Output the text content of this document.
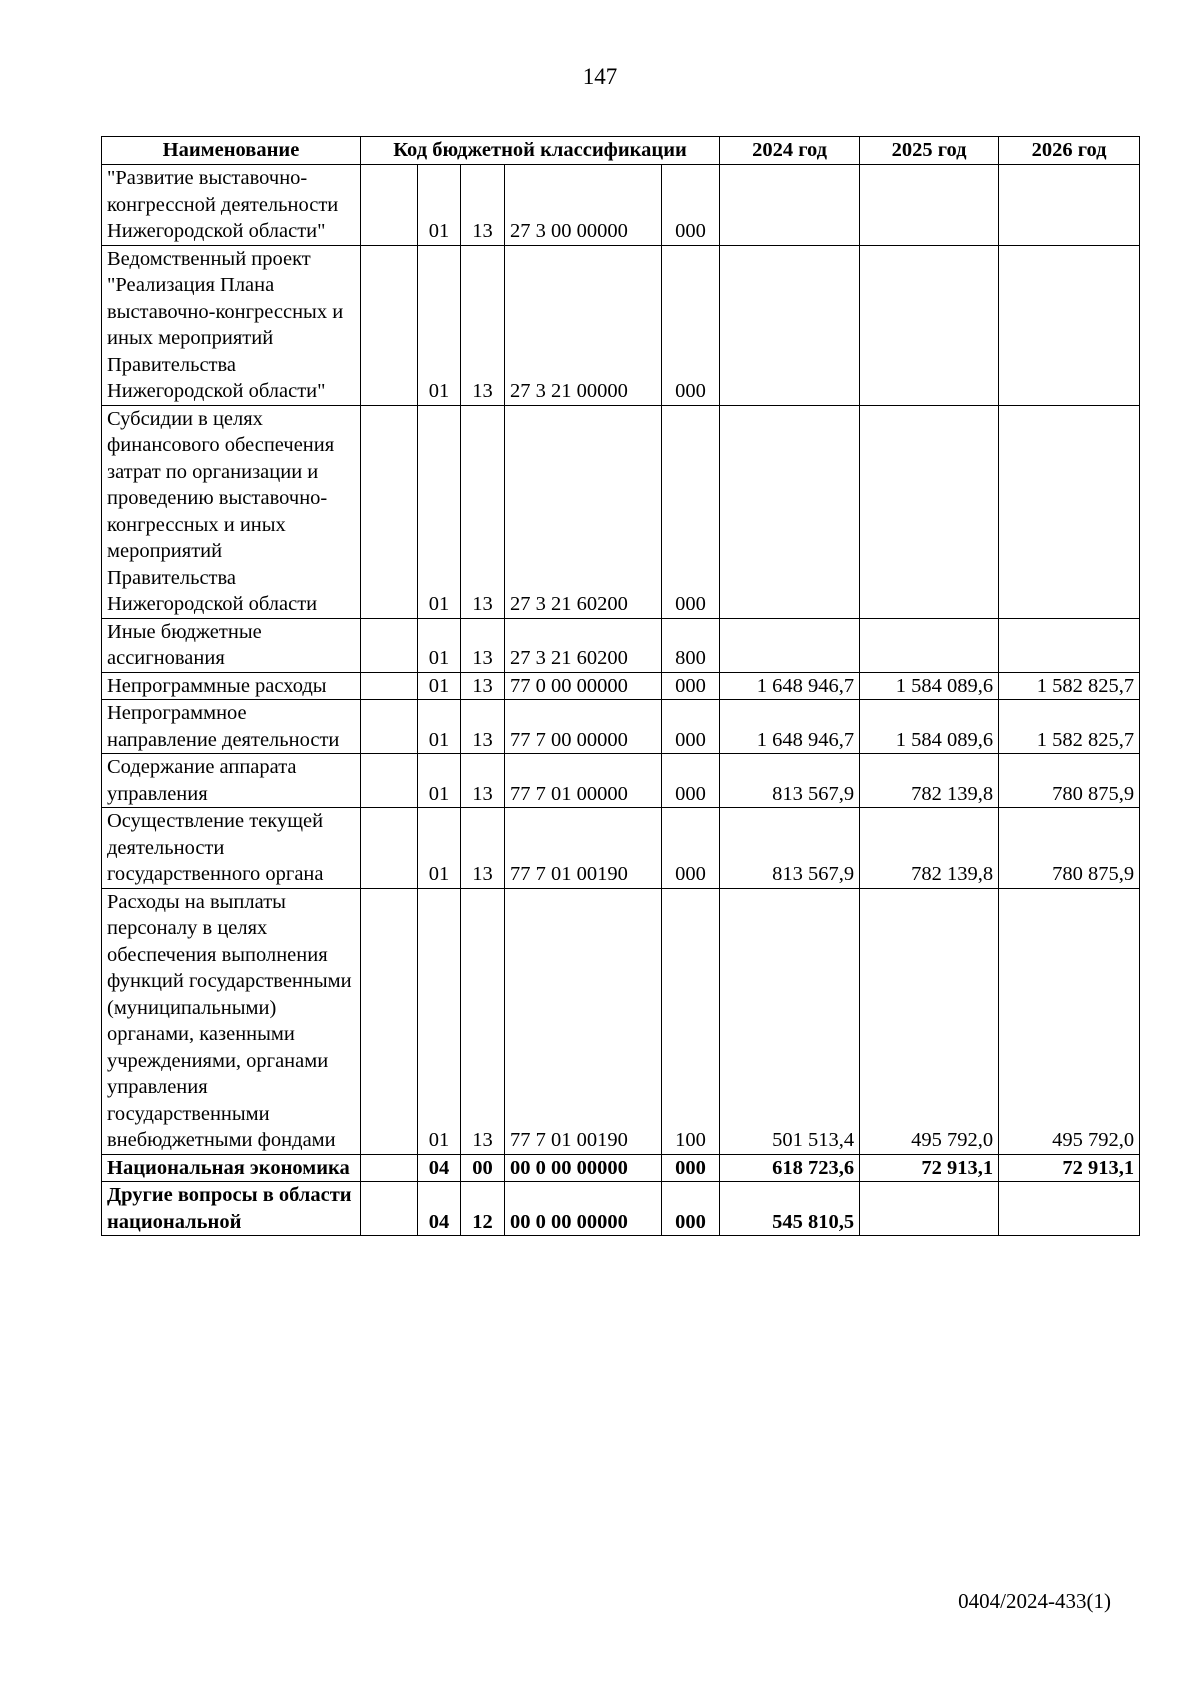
147
Наименование	Код бюджетной классификации					2024 год	2025 год	2026 год
"Развитие выставочно-конгрессной деятельности Нижегородской области"		01	13	27 3 00 00000	000			
Ведомственный проект "Реализация Плана выставочно-конгрессных и иных мероприятий Правительства Нижегородской области"		01	13	27 3 21 00000	000			
Субсидии в целях финансового обеспечения затрат по организации и проведению выставочно-конгрессных и иных мероприятий Правительства Нижегородской области		01	13	27 3 21 60200	000			
Иные бюджетные ассигнования		01	13	27 3 21 60200	800			
Непрограммные расходы		01	13	77 0 00 00000	000	1 648 946,7	1 584 089,6	1 582 825,7
Непрограммное направление деятельности		01	13	77 7 00 00000	000	1 648 946,7	1 584 089,6	1 582 825,7
Содержание аппарата управления		01	13	77 7 01 00000	000	813 567,9	782 139,8	780 875,9
Осуществление текущей деятельности государственного органа		01	13	77 7 01 00190	000	813 567,9	782 139,8	780 875,9
Расходы на выплаты персоналу в целях обеспечения выполнения функций государственными (муниципальными) органами, казенными учреждениями, органами управления государственными внебюджетными фондами		01	13	77 7 01 00190	100	501 513,4	495 792,0	495 792,0
Национальная экономика		04	00	00 0 00 00000	000	618 723,6	72 913,1	72 913,1
Другие вопросы в области национальной		04	12	00 0 00 00000	000	545 810,5		
0404/2024-433(1)
